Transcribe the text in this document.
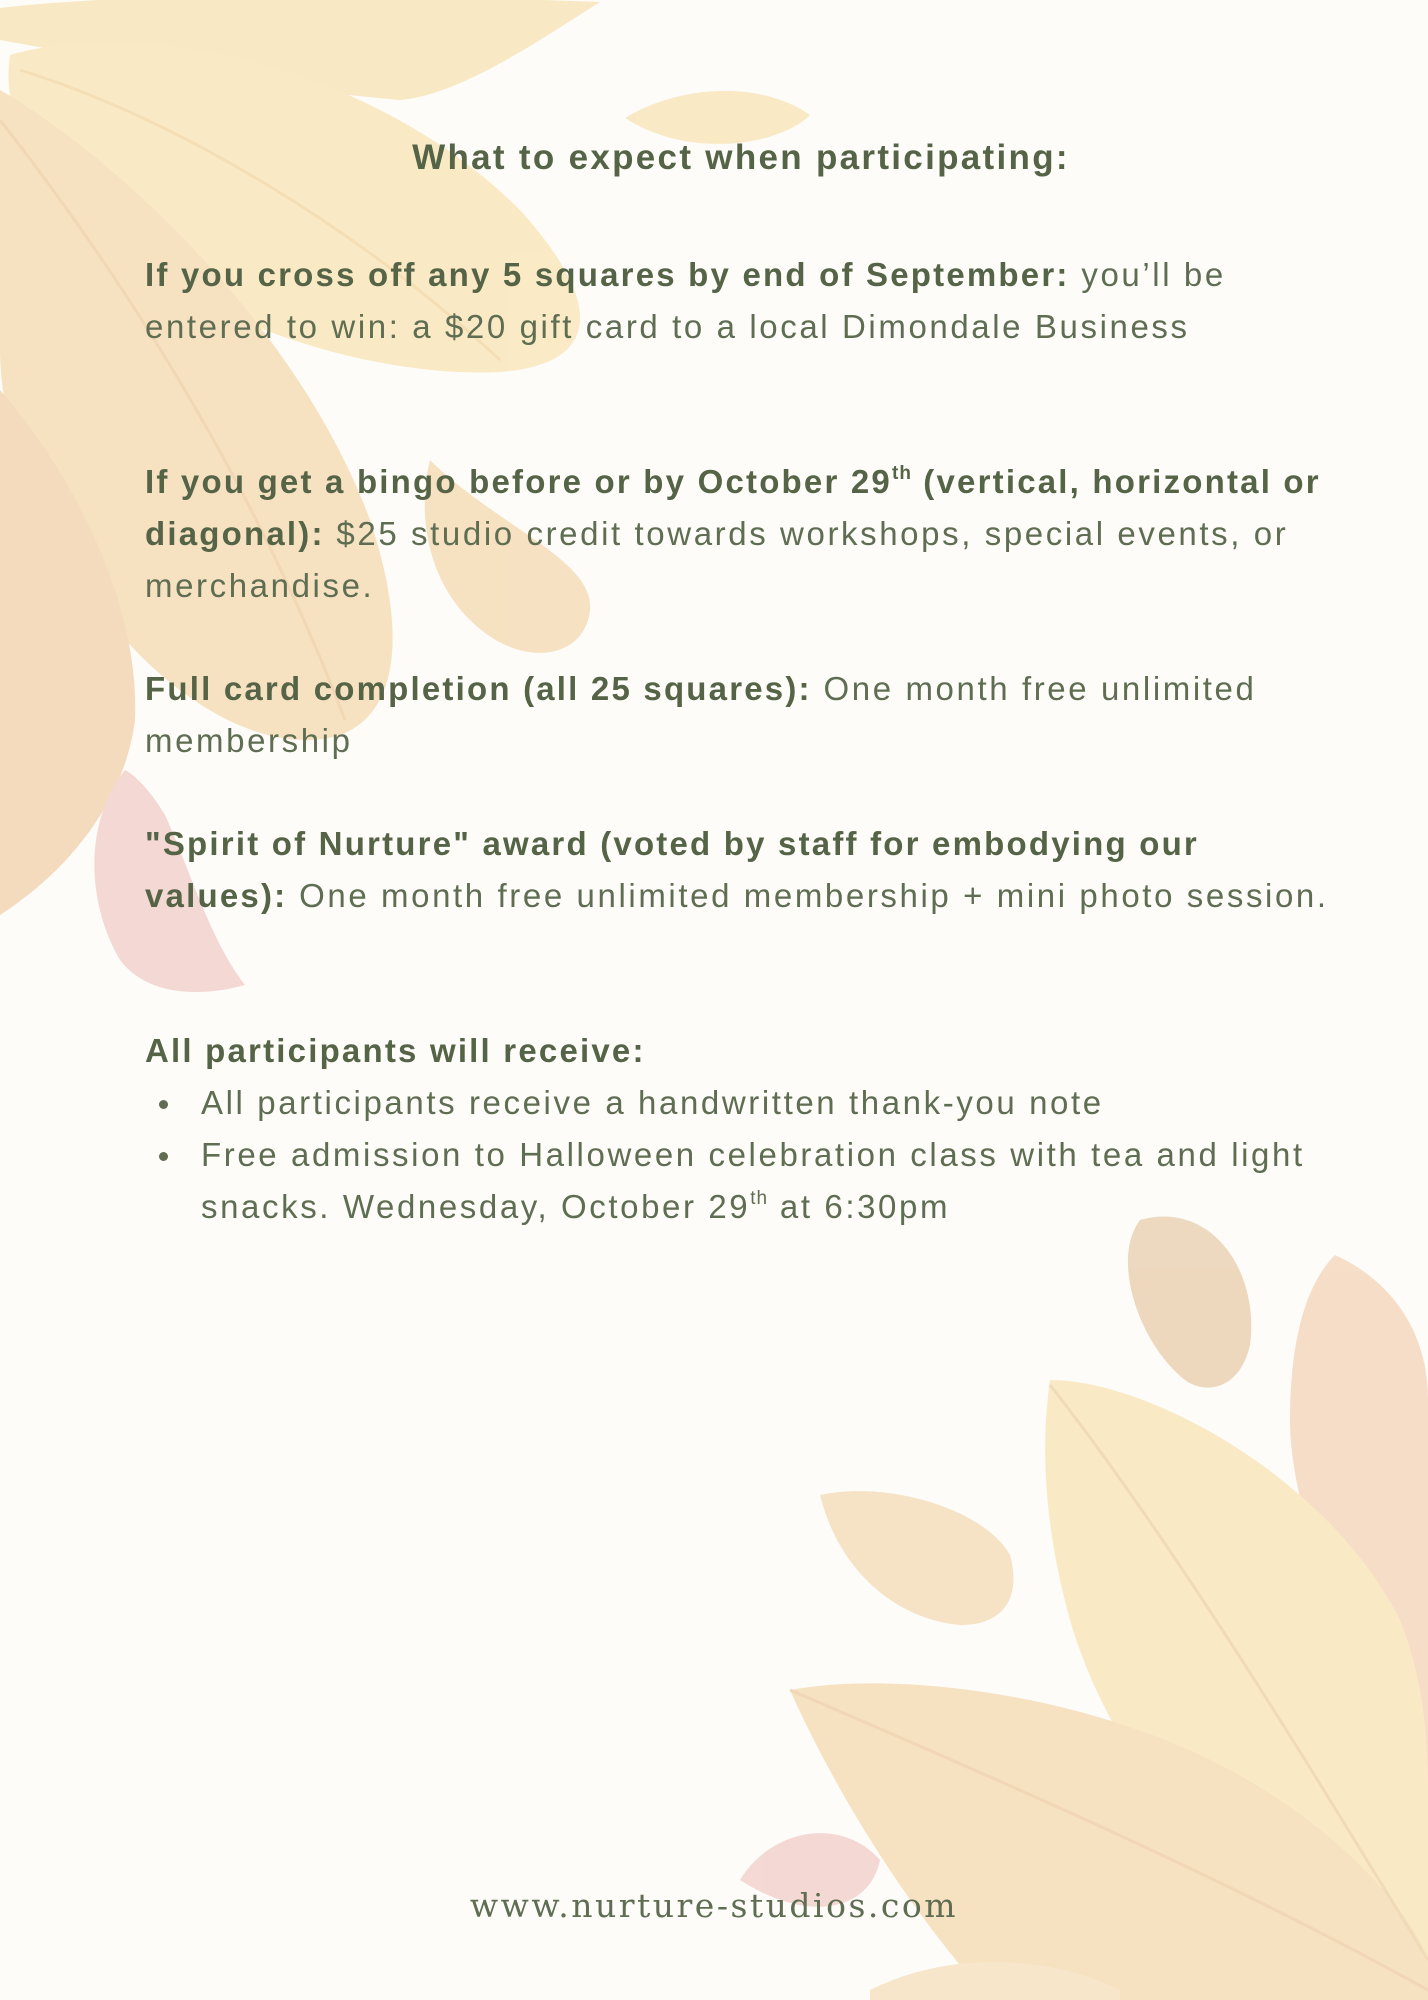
What to expect when participating:
If you cross off any 5 squares by end of September: you’ll be entered to win: a $20 gift card to a local Dimondale Business
If you get a bingo before or by October 29th (vertical, horizontal or diagonal): $25 studio credit towards workshops, special events, or merchandise.
Full card completion (all 25 squares): One month free unlimited membership
"Spirit of Nurture" award (voted by staff for embodying our values): One month free unlimited membership + mini photo session.
All participants will receive:
All participants receive a handwritten thank-you note
Free admission to Halloween celebration class with tea and light snacks. Wednesday, October 29th at 6:30pm
www.nurture-studios.com
